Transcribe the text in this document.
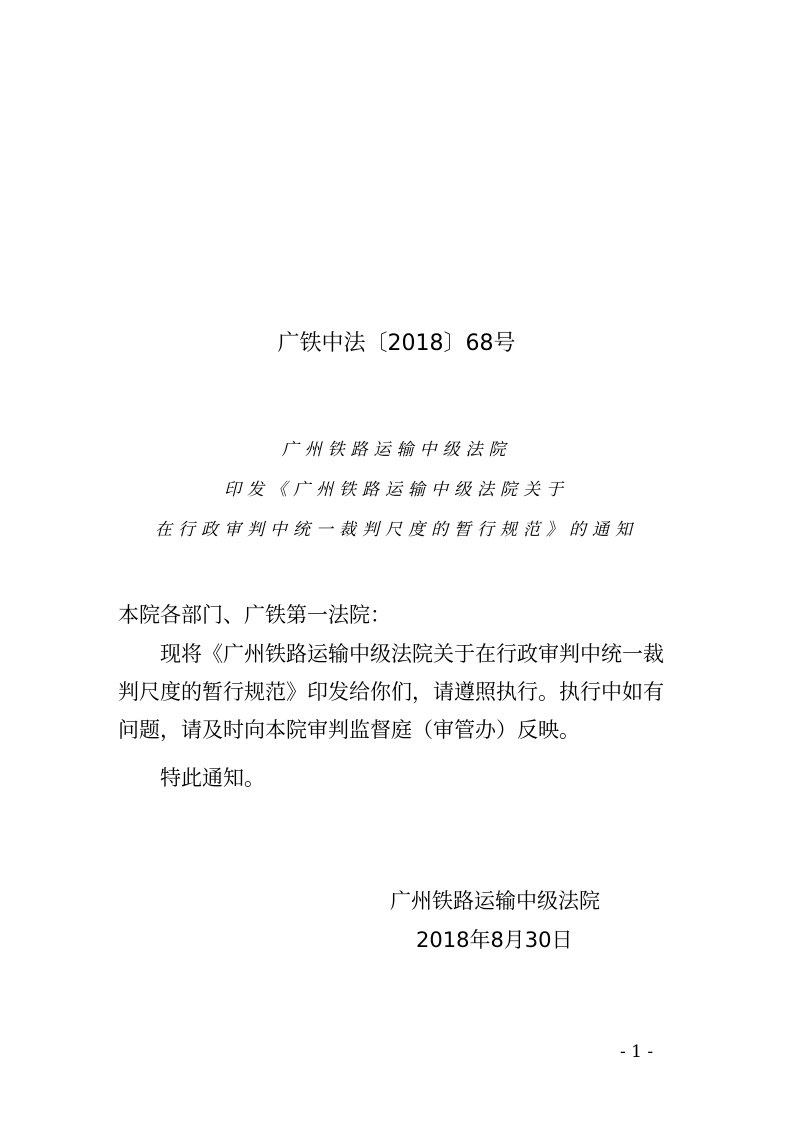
广铁中法〔2018〕68号
广州铁路运输中级法院
印发《广州铁路运输中级法院关于
在行政审判中统一裁判尺度的暂行规范》的通知
本院各部门、广铁第一法院：
现将《广州铁路运输中级法院关于在行政审判中统一裁
判尺度的暂行规范》印发给你们，请遵照执行。执行中如有
问题，请及时向本院审判监督庭（审管办）反映。
特此通知。
广州铁路运输中级法院
2018年8月30日
- 1 -
